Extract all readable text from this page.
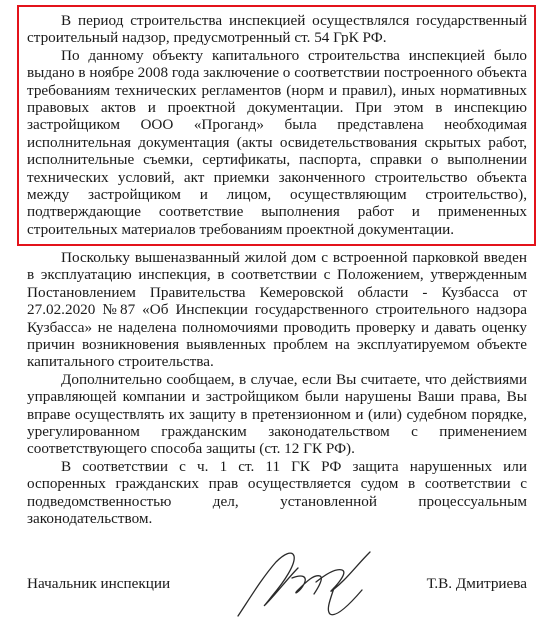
В период строительства инспекцией осуществлялся государственный строительный надзор, предусмотренный ст. 54 ГрК РФ.

По данному объекту капитального строительства инспекцией было выдано в ноябре 2008 года заключение о соответствии построенного объекта требованиям технических регламентов (норм и правил), иных нормативных правовых актов и проектной документации. При этом в инспекцию застройщиком ООО «Проганд» была представлена необходимая исполнительная документация (акты освидетельствования скрытых работ, исполнительные съемки, сертификаты, паспорта, справки о выполнении технических условий, акт приемки законченного строительство объекта между застройщиком и лицом, осуществляющим строительство), подтверждающие соответствие выполнения работ и примененных строительных материалов требованиям проектной документации.

Поскольку вышеназванный жилой дом с встроенной парковкой введен в эксплуатацию инспекция, в соответствии с Положением, утвержденным Постановлением Правительства Кемеровской области - Кузбасса от 27.02.2020 №87 «Об Инспекции государственного строительного надзора Кузбасса» не наделена полномочиями проводить проверку и давать оценку причин возникновения выявленных проблем на эксплуатируемом объекте капитального строительства.

Дополнительно сообщаем, в случае, если Вы считаете, что действиями управляющей компании и застройщиком были нарушены Ваши права, Вы вправе осуществлять их защиту в претензионном и (или) судебном порядке, урегулированном гражданским законодательством с применением соответствующего способа защиты (ст. 12 ГК РФ).

В соответствии с ч. 1 ст. 11 ГК РФ защита нарушенных или оспоренных гражданских прав осуществляется судом в соответствии с подведомственностью дел, установленной процессуальным законодательством.

Начальник инспекции	Т.В. Дмитриева
